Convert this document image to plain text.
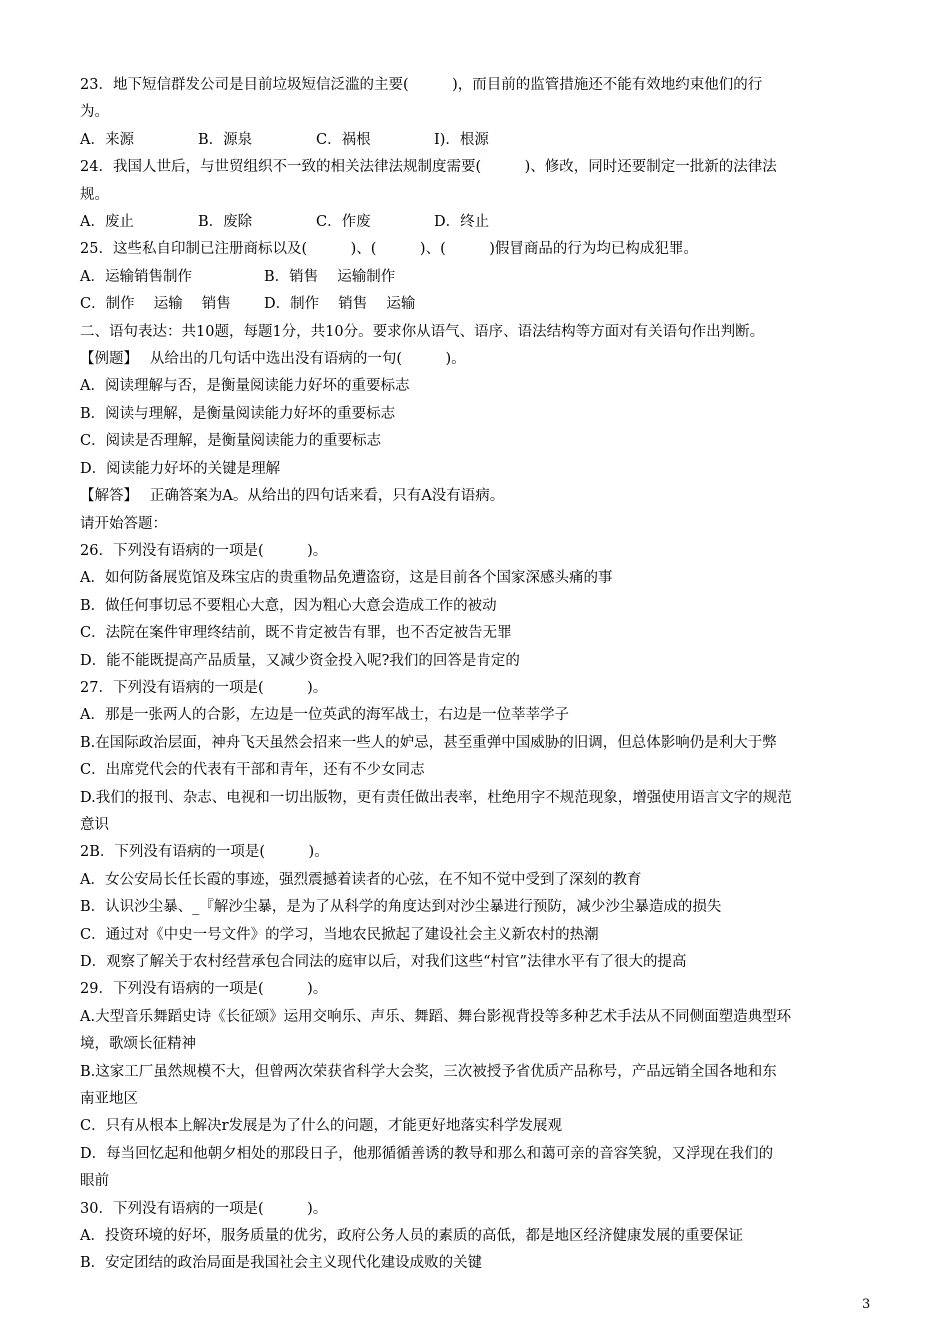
23．地下短信群发公司是目前垃圾短信泛滥的主要(　　　)，而目前的监管措施还不能有效地约束他们的行
为。
A．来源	B．源泉	C．祸根	I)．根源
24．我国人世后，与世贸组织不一致的相关法律法规制度需要(　　　)、修改，同时还要制定一批新的法律法
规。
A．废止	B．废除	C．作废	D．终止
25．这些私自印制已注册商标以及(　　　)、(　　　)、(　　　)假冒商品的行为均已构成犯罪。
A．运输销售制作	B．销售　 运输制作
C．制作　 运输　 销售	D．制作　 销售　 运输
二、语句表达：共10题，每题1分，共10分。要求你从语气、语序、语法结构等方面对有关语句作出判断。
【例题】　 从给出的几句话中选出没有语病的一句(　　　)。
A．阅读理解与否，是衡量阅读能力好坏的重要标志
B．阅读与理解，是衡量阅读能力好坏的重要标志
C．阅读是否理解，是衡量阅读能力的重要标志
D．阅读能力好坏的关键是理解
【解答】　 正确答案为A。从给出的四句话来看，只有A没有语病。
请开始答题：
26．下列没有语病的一项是(　　　)。
A．如何防备展览馆及珠宝店的贵重物品免遭盗窃，这是目前各个国家深感头痛的事
B．做任何事切忌不要粗心大意，因为粗心大意会造成工作的被动
C．法院在案件审理终结前，既不肯定被告有罪，也不否定被告无罪
D．能不能既提高产品质量，又减少资金投入呢?我们的回答是肯定的
27．下列没有语病的一项是(　　　)。
A．那是一张两人的合影，左边是一位英武的海军战士，右边是一位莘莘学子
B.在国际政治层面，神舟飞天虽然会招来一些人的妒忌，甚至重弹中国威胁的旧调，但总体影响仍是利大于弊
C．出席党代会的代表有干部和青年，还有不少女同志
D.我们的报刊、杂志、电视和一切出版物，更有责任做出表率，杜绝用字不规范现象，增强使用语言文字的规范
意识
2B．下列没有语病的一项是(　　　)。
A．女公安局长任长霞的事迹，强烈震撼着读者的心弦，在不知不觉中受到了深刻的教育
B．认识沙尘暴、_『解沙尘暴，是为了从科学的角度达到对沙尘暴进行预防，减少沙尘暴造成的损失
C．通过对《中史一号文件》的学习，当地农民掀起了建设社会主义新农村的热潮
D．观察了解关于农村经营承包合同法的庭审以后，对我们这些“村官”法律水平有了很大的提高
29．下列没有语病的一项是(　　　)。
A.大型音乐舞蹈史诗《长征颂》运用交响乐、声乐、舞蹈、舞台影视背投等多种艺术手法从不同侧面塑造典型环
境，歌颂长征精神
B.这家工厂虽然规模不大，但曾两次荣获省科学大会奖，三次被授予省优质产品称号，产品远销全国各地和东
南亚地区
C．只有从根本上解决r发展是为了什么的问题，才能更好地落实科学发展观
D．每当回忆起和他朝夕相处的那段日子，他那循循善诱的教导和那么和蔼可亲的音容笑貌，又浮现在我们的
眼前
30．下列没有语病的一项是(　　　)。
A．投资环境的好坏，服务质量的优劣，政府公务人员的素质的高低，都是地区经济健康发展的重要保证
B．安定团结的政治局面是我国社会主义现代化建设成败的关键
3
